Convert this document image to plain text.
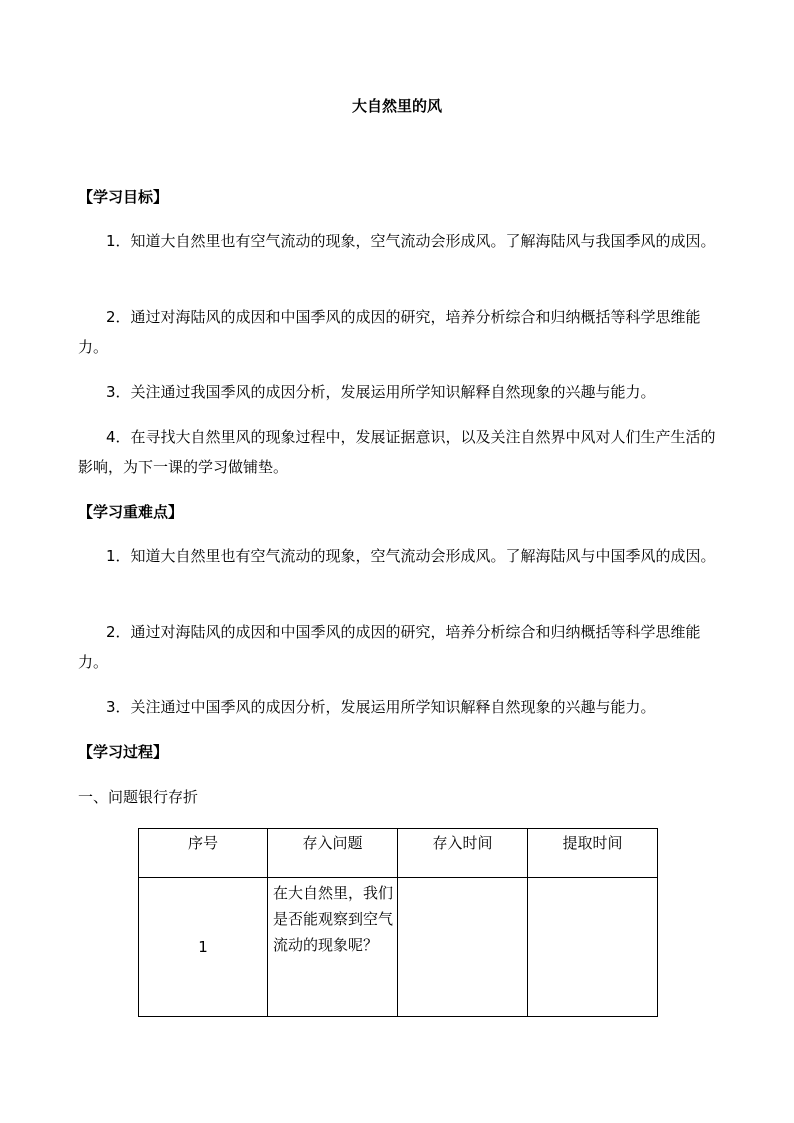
大自然里的风
【学习目标】
1．知道大自然里也有空气流动的现象，空气流动会形成风。了解海陆风与我国季风的成因。
2．通过对海陆风的成因和中国季风的成因的研究，培养分析综合和归纳概括等科学思维能力。
3．关注通过我国季风的成因分析，发展运用所学知识解释自然现象的兴趣与能力。
4．在寻找大自然里风的现象过程中，发展证据意识，以及关注自然界中风对人们生产生活的影响，为下一课的学习做铺垫。
【学习重难点】
1．知道大自然里也有空气流动的现象，空气流动会形成风。了解海陆风与中国季风的成因。
2．通过对海陆风的成因和中国季风的成因的研究，培养分析综合和归纳概括等科学思维能力。
3．关注通过中国季风的成因分析，发展运用所学知识解释自然现象的兴趣与能力。
【学习过程】
一、问题银行存折
序号	存入问题	存入时间	提取时间
1	在大自然里，我们是否能观察到空气流动的现象呢？		
